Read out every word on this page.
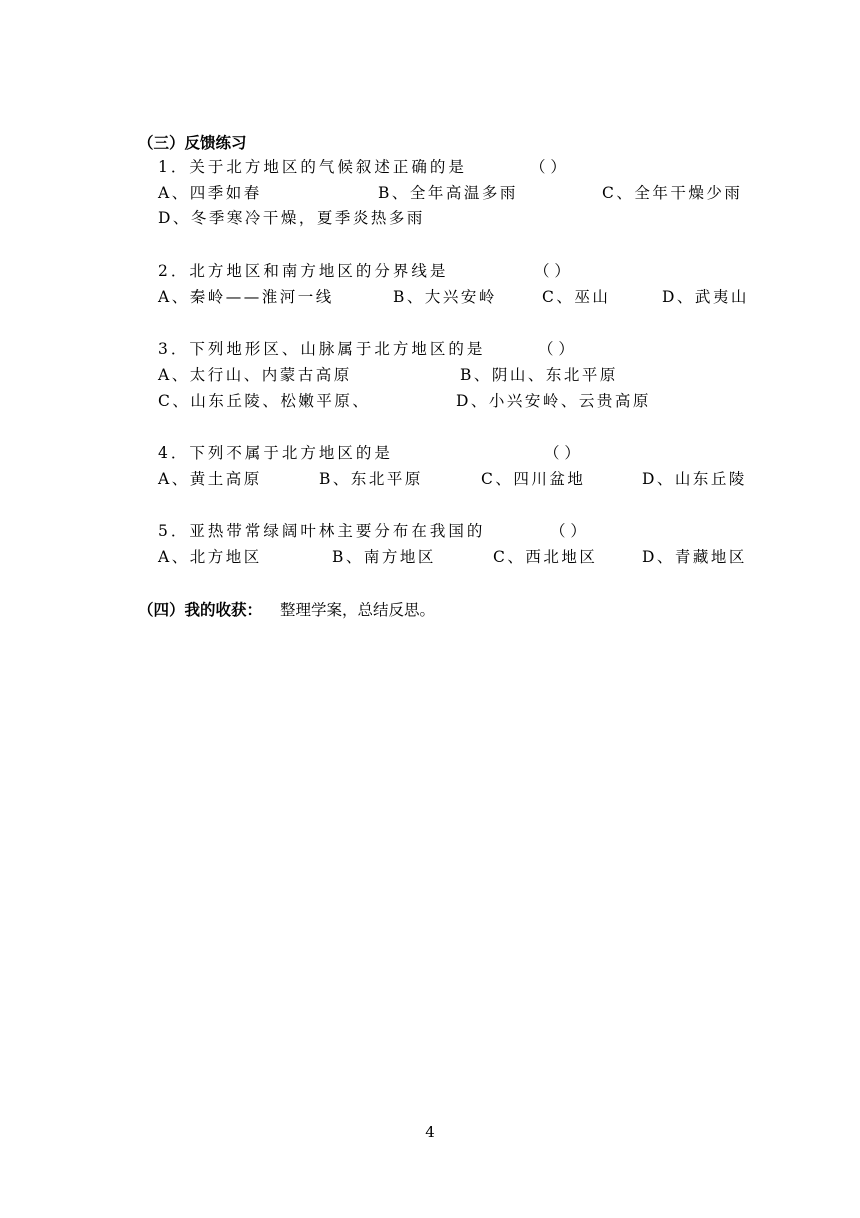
（三）反馈练习
1．关于北方地区的气候叙述正确的是	（ ）
A、四季如春	B、全年高温多雨	C、全年干燥少雨
D、冬季寒冷干燥，夏季炎热多雨
2．北方地区和南方地区的分界线是	（ ）
A、秦岭——淮河一线	B、大兴安岭	C、巫山	D、武夷山
3．下列地形区、山脉属于北方地区的是	（ ）
A、太行山、内蒙古高原	B、阴山、东北平原
C、山东丘陵、松嫩平原、	D、小兴安岭、云贵高原
4．下列不属于北方地区的是	（ ）
A、黄土高原	B、东北平原	C、四川盆地	D、山东丘陵
5．亚热带常绿阔叶林主要分布在我国的	（ ）
A、北方地区	B、南方地区	C、西北地区	D、青藏地区
（四）我的收获： 整理学案，总结反思。
4
